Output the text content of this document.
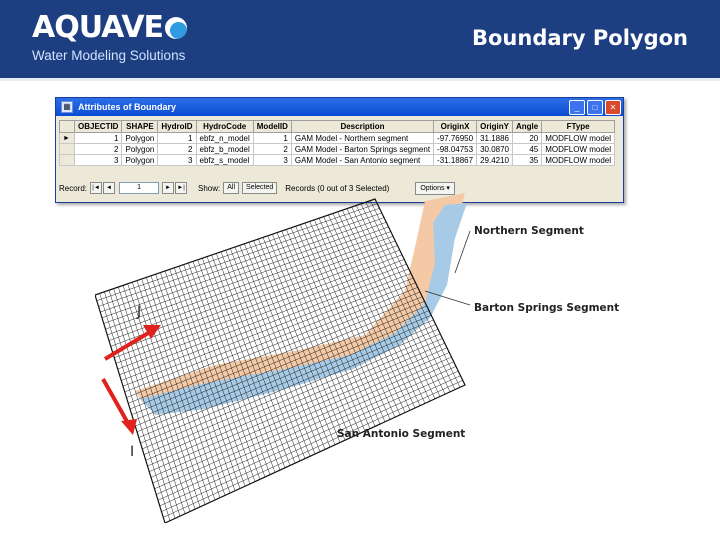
AQUAVE
Water Modeling Solutions
Boundary Polygon
▦ Attributes of Boundary	_	□	✕
	OBJECTID	SHAPE	HydroID	HydroCode	ModelID	Description	OriginX	OriginY	Angle	FType
►	1	Polygon	1	ebfz_n_model	1	GAM Model - Northern segment	-97.76950	31.1886	20	MODFLOW model
	2	Polygon	2	ebfz_b_model	2	GAM Model - Barton Springs segment	-98.04753	30.0870	45	MODFLOW model
	3	Polygon	3	ebfz_s_model	3	GAM Model - San Antonio segment	-31.18867	29.4210	35	MODFLOW model
Record: |◄	◄	1	►	►| Show:	All	Selected	Records (0 out of 3 Selected)	Options ▾
Northern Segment
Barton Springs Segment
San Antonio Segment
J
I
